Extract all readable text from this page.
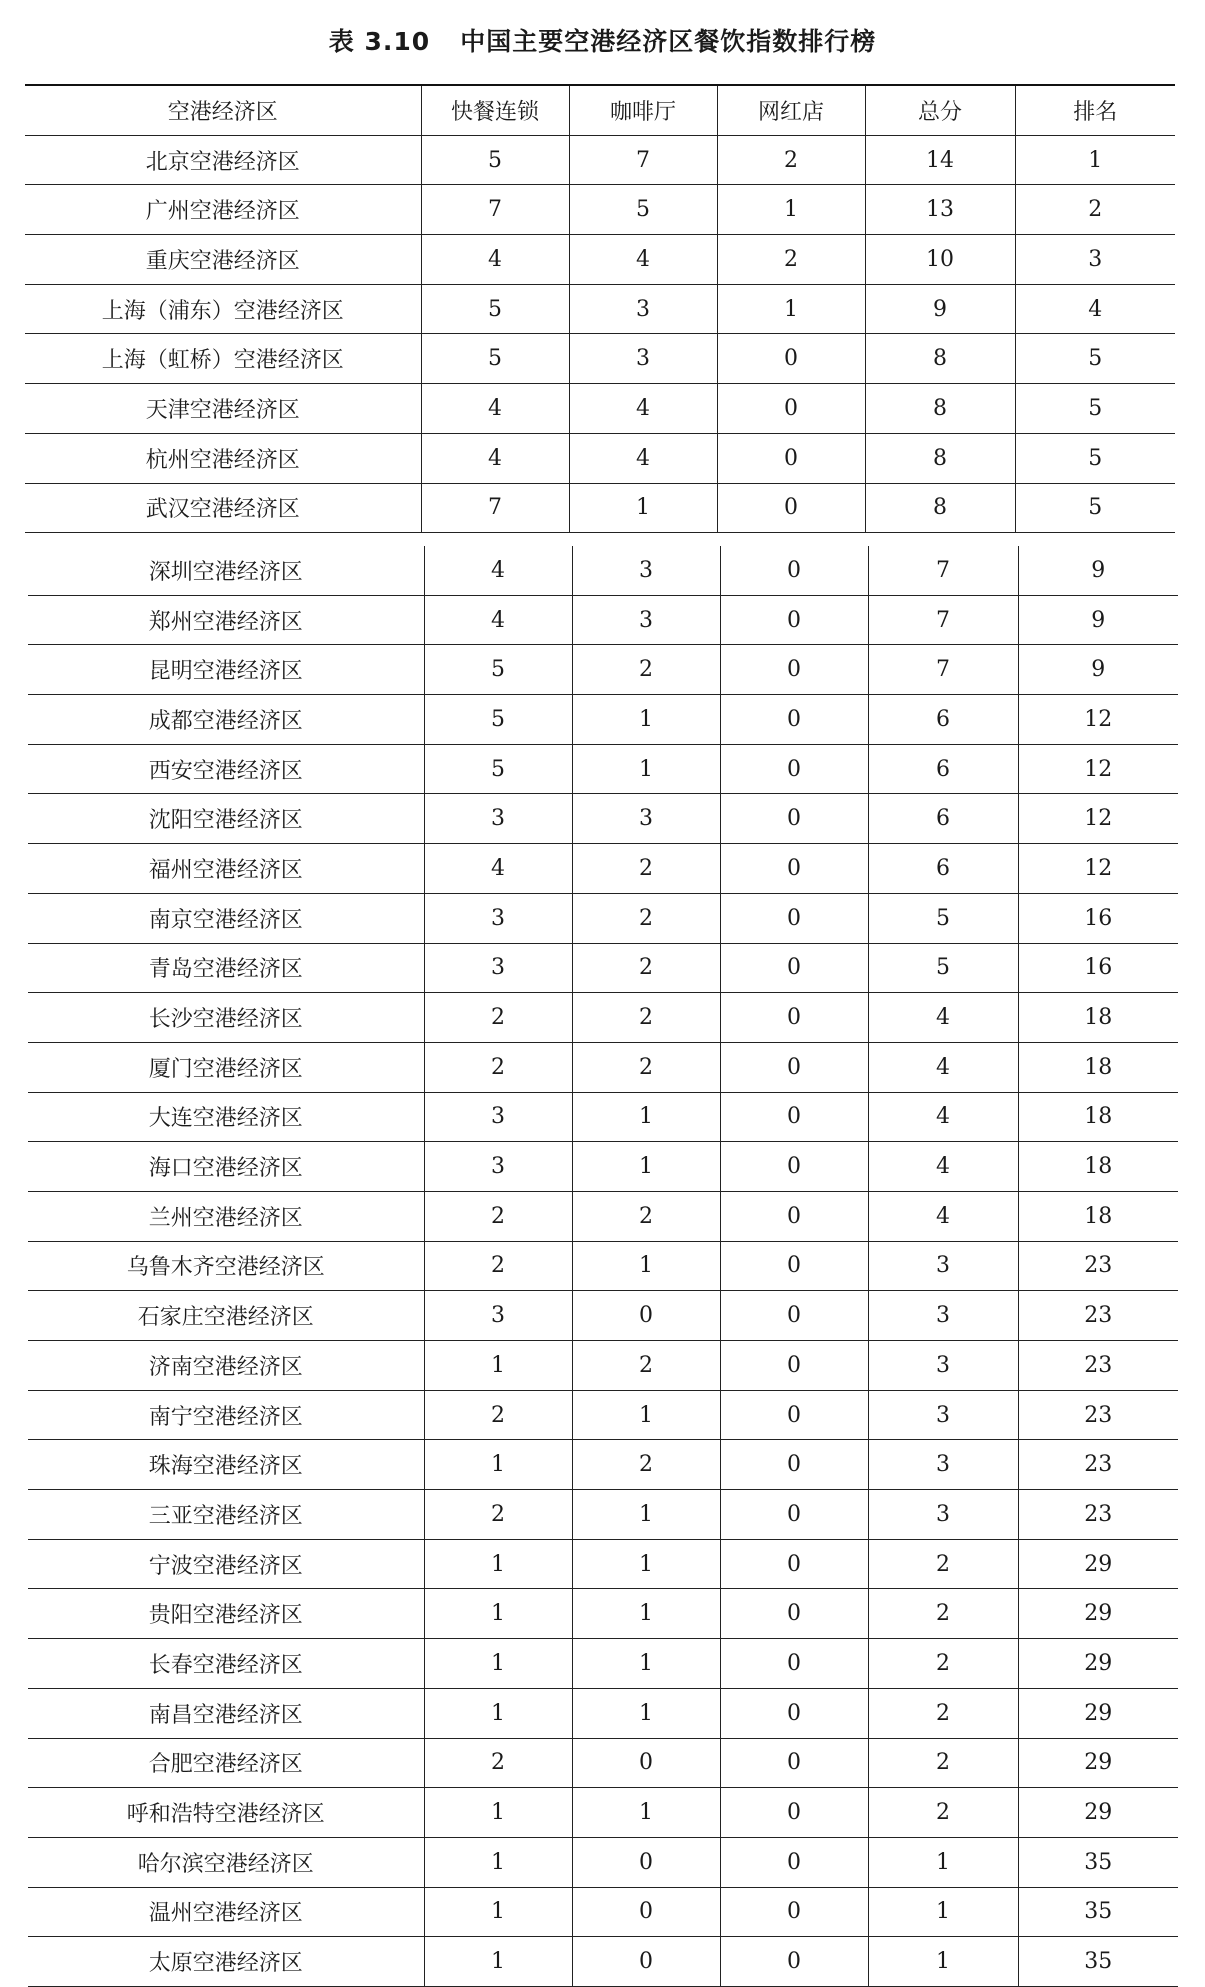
表 3.10 中国主要空港经济区餐饮指数排行榜
空港经济区	快餐连锁	咖啡厅	网红店	总分	排名
北京空港经济区	5	7	2	14	1
广州空港经济区	7	5	1	13	2
重庆空港经济区	4	4	2	10	3
上海（浦东）空港经济区	5	3	1	9	4
上海（虹桥）空港经济区	5	3	0	8	5
天津空港经济区	4	4	0	8	5
杭州空港经济区	4	4	0	8	5
武汉空港经济区	7	1	0	8	5
深圳空港经济区	4	3	0	7	9
郑州空港经济区	4	3	0	7	9
昆明空港经济区	5	2	0	7	9
成都空港经济区	5	1	0	6	12
西安空港经济区	5	1	0	6	12
沈阳空港经济区	3	3	0	6	12
福州空港经济区	4	2	0	6	12
南京空港经济区	3	2	0	5	16
青岛空港经济区	3	2	0	5	16
长沙空港经济区	2	2	0	4	18
厦门空港经济区	2	2	0	4	18
大连空港经济区	3	1	0	4	18
海口空港经济区	3	1	0	4	18
兰州空港经济区	2	2	0	4	18
乌鲁木齐空港经济区	2	1	0	3	23
石家庄空港经济区	3	0	0	3	23
济南空港经济区	1	2	0	3	23
南宁空港经济区	2	1	0	3	23
珠海空港经济区	1	2	0	3	23
三亚空港经济区	2	1	0	3	23
宁波空港经济区	1	1	0	2	29
贵阳空港经济区	1	1	0	2	29
长春空港经济区	1	1	0	2	29
南昌空港经济区	1	1	0	2	29
合肥空港经济区	2	0	0	2	29
呼和浩特空港经济区	1	1	0	2	29
哈尔滨空港经济区	1	0	0	1	35
温州空港经济区	1	0	0	1	35
太原空港经济区	1	0	0	1	35
